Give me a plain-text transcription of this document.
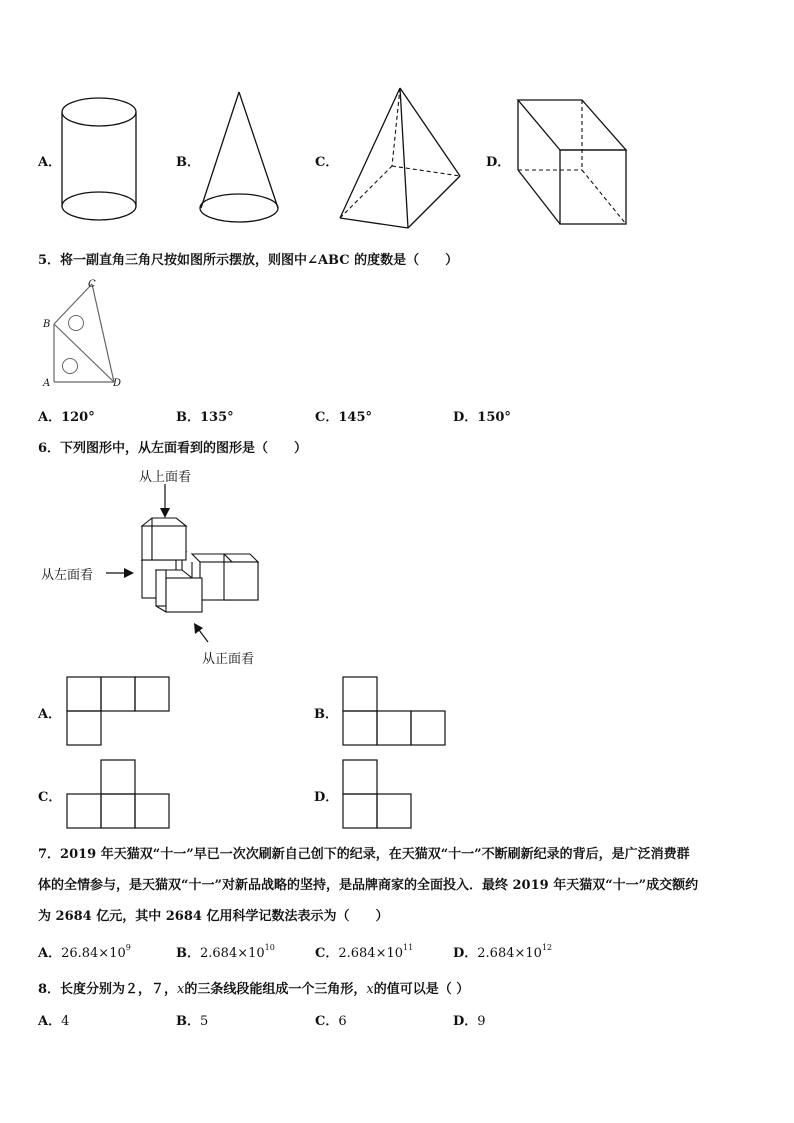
A．	B．	C．	D．
5．将一副直角三角尺按如图所示摆放，则图中∠ABC 的度数是（　　）
C
B
A	D
A．120°	B．135°	C．145°	D．150°
6．下列图形中，从左面看到的图形是（　　）
从上面看
从左面看
从正面看
A．	B．
C．	D．
7．2019 年天猫双“十一”早已一次次刷新自己创下的纪录，在天猫双“十一”不断刷新纪录的背后，是广泛消费群
体的全情参与，是天猫双“十一”对新品战略的坚持，是品牌商家的全面投入．最终 2019 年天猫双“十一”成交额约
为 2684 亿元，其中 2684 亿用科学记数法表示为（　　）
A．$26.84\times 10^9$	B．$2.684\times 10^{10}$	C．$2.684\times 10^{11}$	D．$2.684\times 10^{12}$
8．长度分别为２，７，x的三条线段能组成一个三角形，x的值可以是（ ）
A．4	B．5	C．6	D．9
